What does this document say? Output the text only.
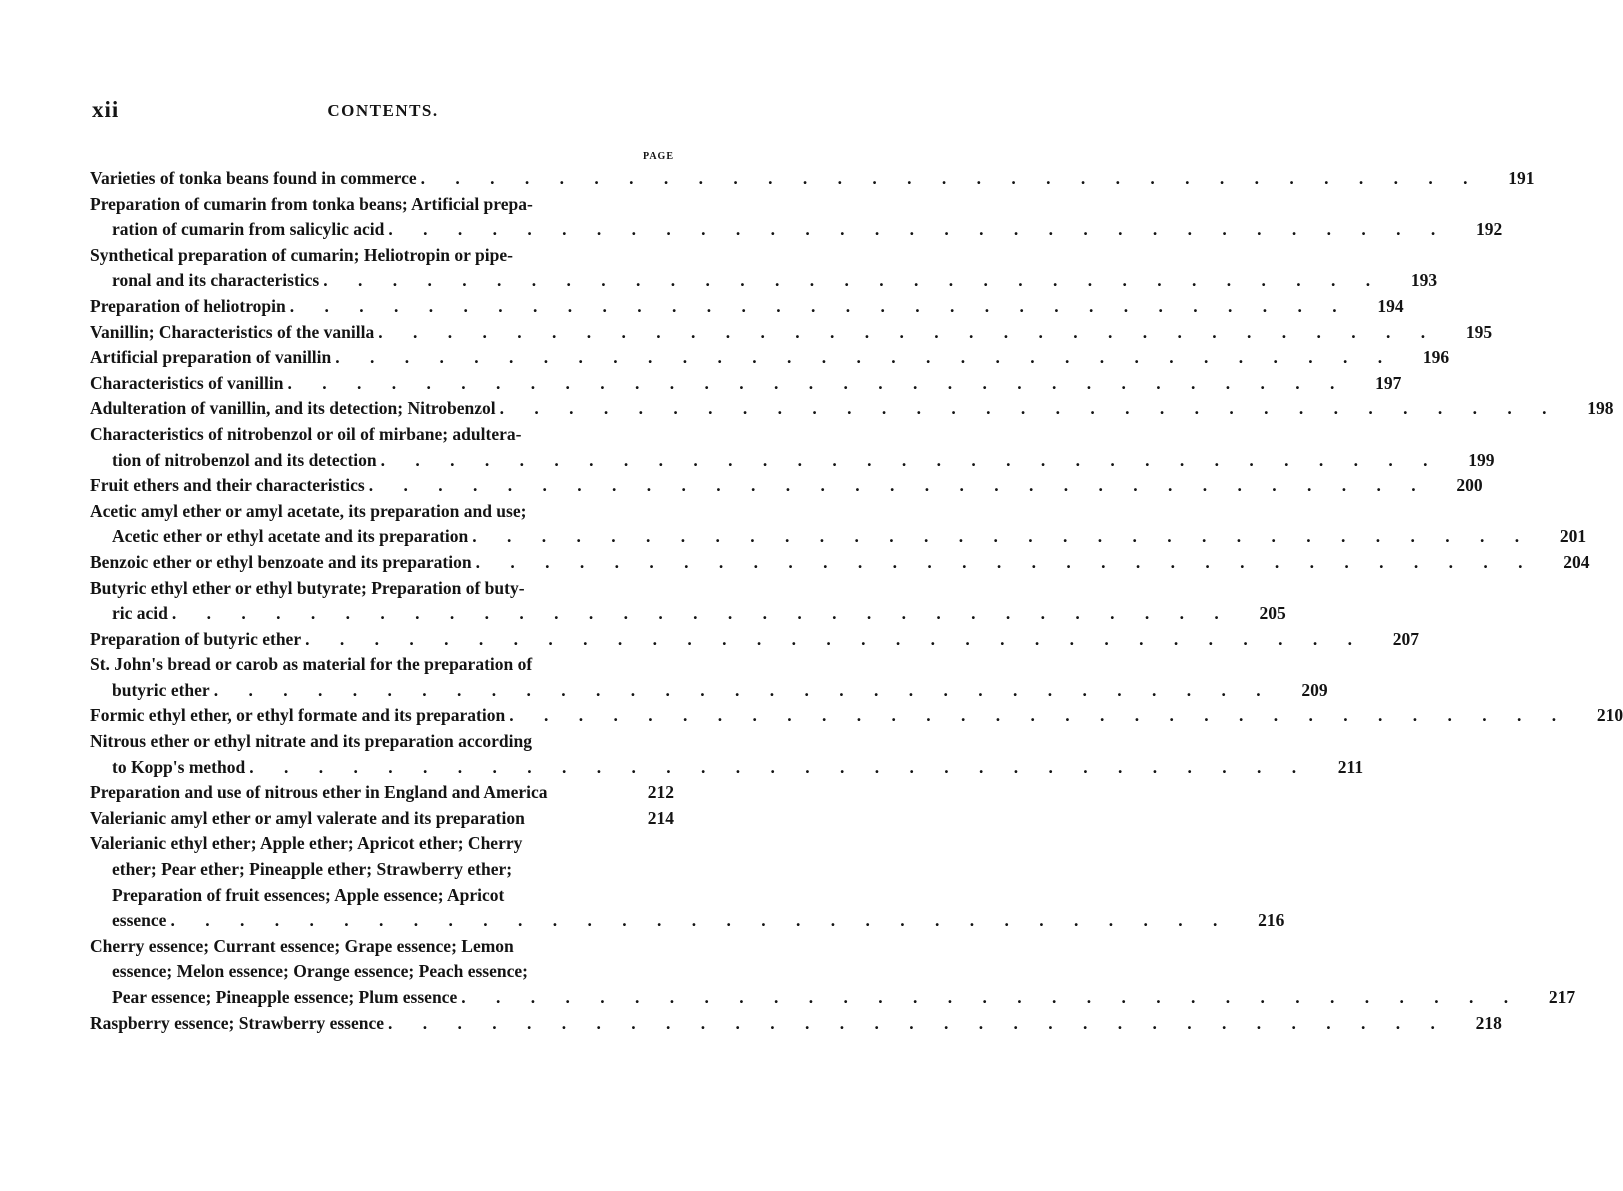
xii	CONTENTS.
PAGE
Varieties of tonka beans found in commerce . . . . . . . . . . . . . . . . . . . . . . . . . . . . . . .	191
Preparation of cumarin from tonka beans; Artificial prepa-
ration of cumarin from salicylic acid . . . . . . . . . . . . . . . . . . . . . . . . . . . . . . .	192
Synthetical preparation of cumarin; Heliotropin or pipe-
ronal and its characteristics . . . . . . . . . . . . . . . . . . . . . . . . . . . . . . .	193
Preparation of heliotropin . . . . . . . . . . . . . . . . . . . . . . . . . . . . . . .	194
Vanillin; Characteristics of the vanilla . . . . . . . . . . . . . . . . . . . . . . . . . . . . . . .	195
Artificial preparation of vanillin . . . . . . . . . . . . . . . . . . . . . . . . . . . . . . .	196
Characteristics of vanillin . . . . . . . . . . . . . . . . . . . . . . . . . . . . . . .	197
Adulteration of vanillin, and its detection; Nitrobenzol . . . . . . . . . . . . . . . . . . . . . . . . . . . . . . .	198
Characteristics of nitrobenzol or oil of mirbane; adultera-
tion of nitrobenzol and its detection . . . . . . . . . . . . . . . . . . . . . . . . . . . . . . .	199
Fruit ethers and their characteristics . . . . . . . . . . . . . . . . . . . . . . . . . . . . . . .	200
Acetic amyl ether or amyl acetate, its preparation and use;
Acetic ether or ethyl acetate and its preparation . . . . . . . . . . . . . . . . . . . . . . . . . . . . . . .	201
Benzoic ether or ethyl benzoate and its preparation . . . . . . . . . . . . . . . . . . . . . . . . . . . . . . .	204
Butyric ethyl ether or ethyl butyrate; Preparation of buty-
ric acid . . . . . . . . . . . . . . . . . . . . . . . . . . . . . . .	205
Preparation of butyric ether . . . . . . . . . . . . . . . . . . . . . . . . . . . . . . .	207
St. John's bread or carob as material for the preparation of
butyric ether . . . . . . . . . . . . . . . . . . . . . . . . . . . . . . .	209
Formic ethyl ether, or ethyl formate and its preparation . . . . . . . . . . . . . . . . . . . . . . . . . . . . . . .	210
Nitrous ether or ethyl nitrate and its preparation according
to Kopp's method . . . . . . . . . . . . . . . . . . . . . . . . . . . . . . .	211
Preparation and use of nitrous ether in England and America	212
Valerianic amyl ether or amyl valerate and its preparation	214
Valerianic ethyl ether; Apple ether; Apricot ether; Cherry
ether; Pear ether; Pineapple ether; Strawberry ether;
Preparation of fruit essences; Apple essence; Apricot
essence . . . . . . . . . . . . . . . . . . . . . . . . . . . . . . .	216
Cherry essence; Currant essence; Grape essence; Lemon
essence; Melon essence; Orange essence; Peach essence;
Pear essence; Pineapple essence; Plum essence . . . . . . . . . . . . . . . . . . . . . . . . . . . . . . .	217
Raspberry essence; Strawberry essence . . . . . . . . . . . . . . . . . . . . . . . . . . . . . . .	218
